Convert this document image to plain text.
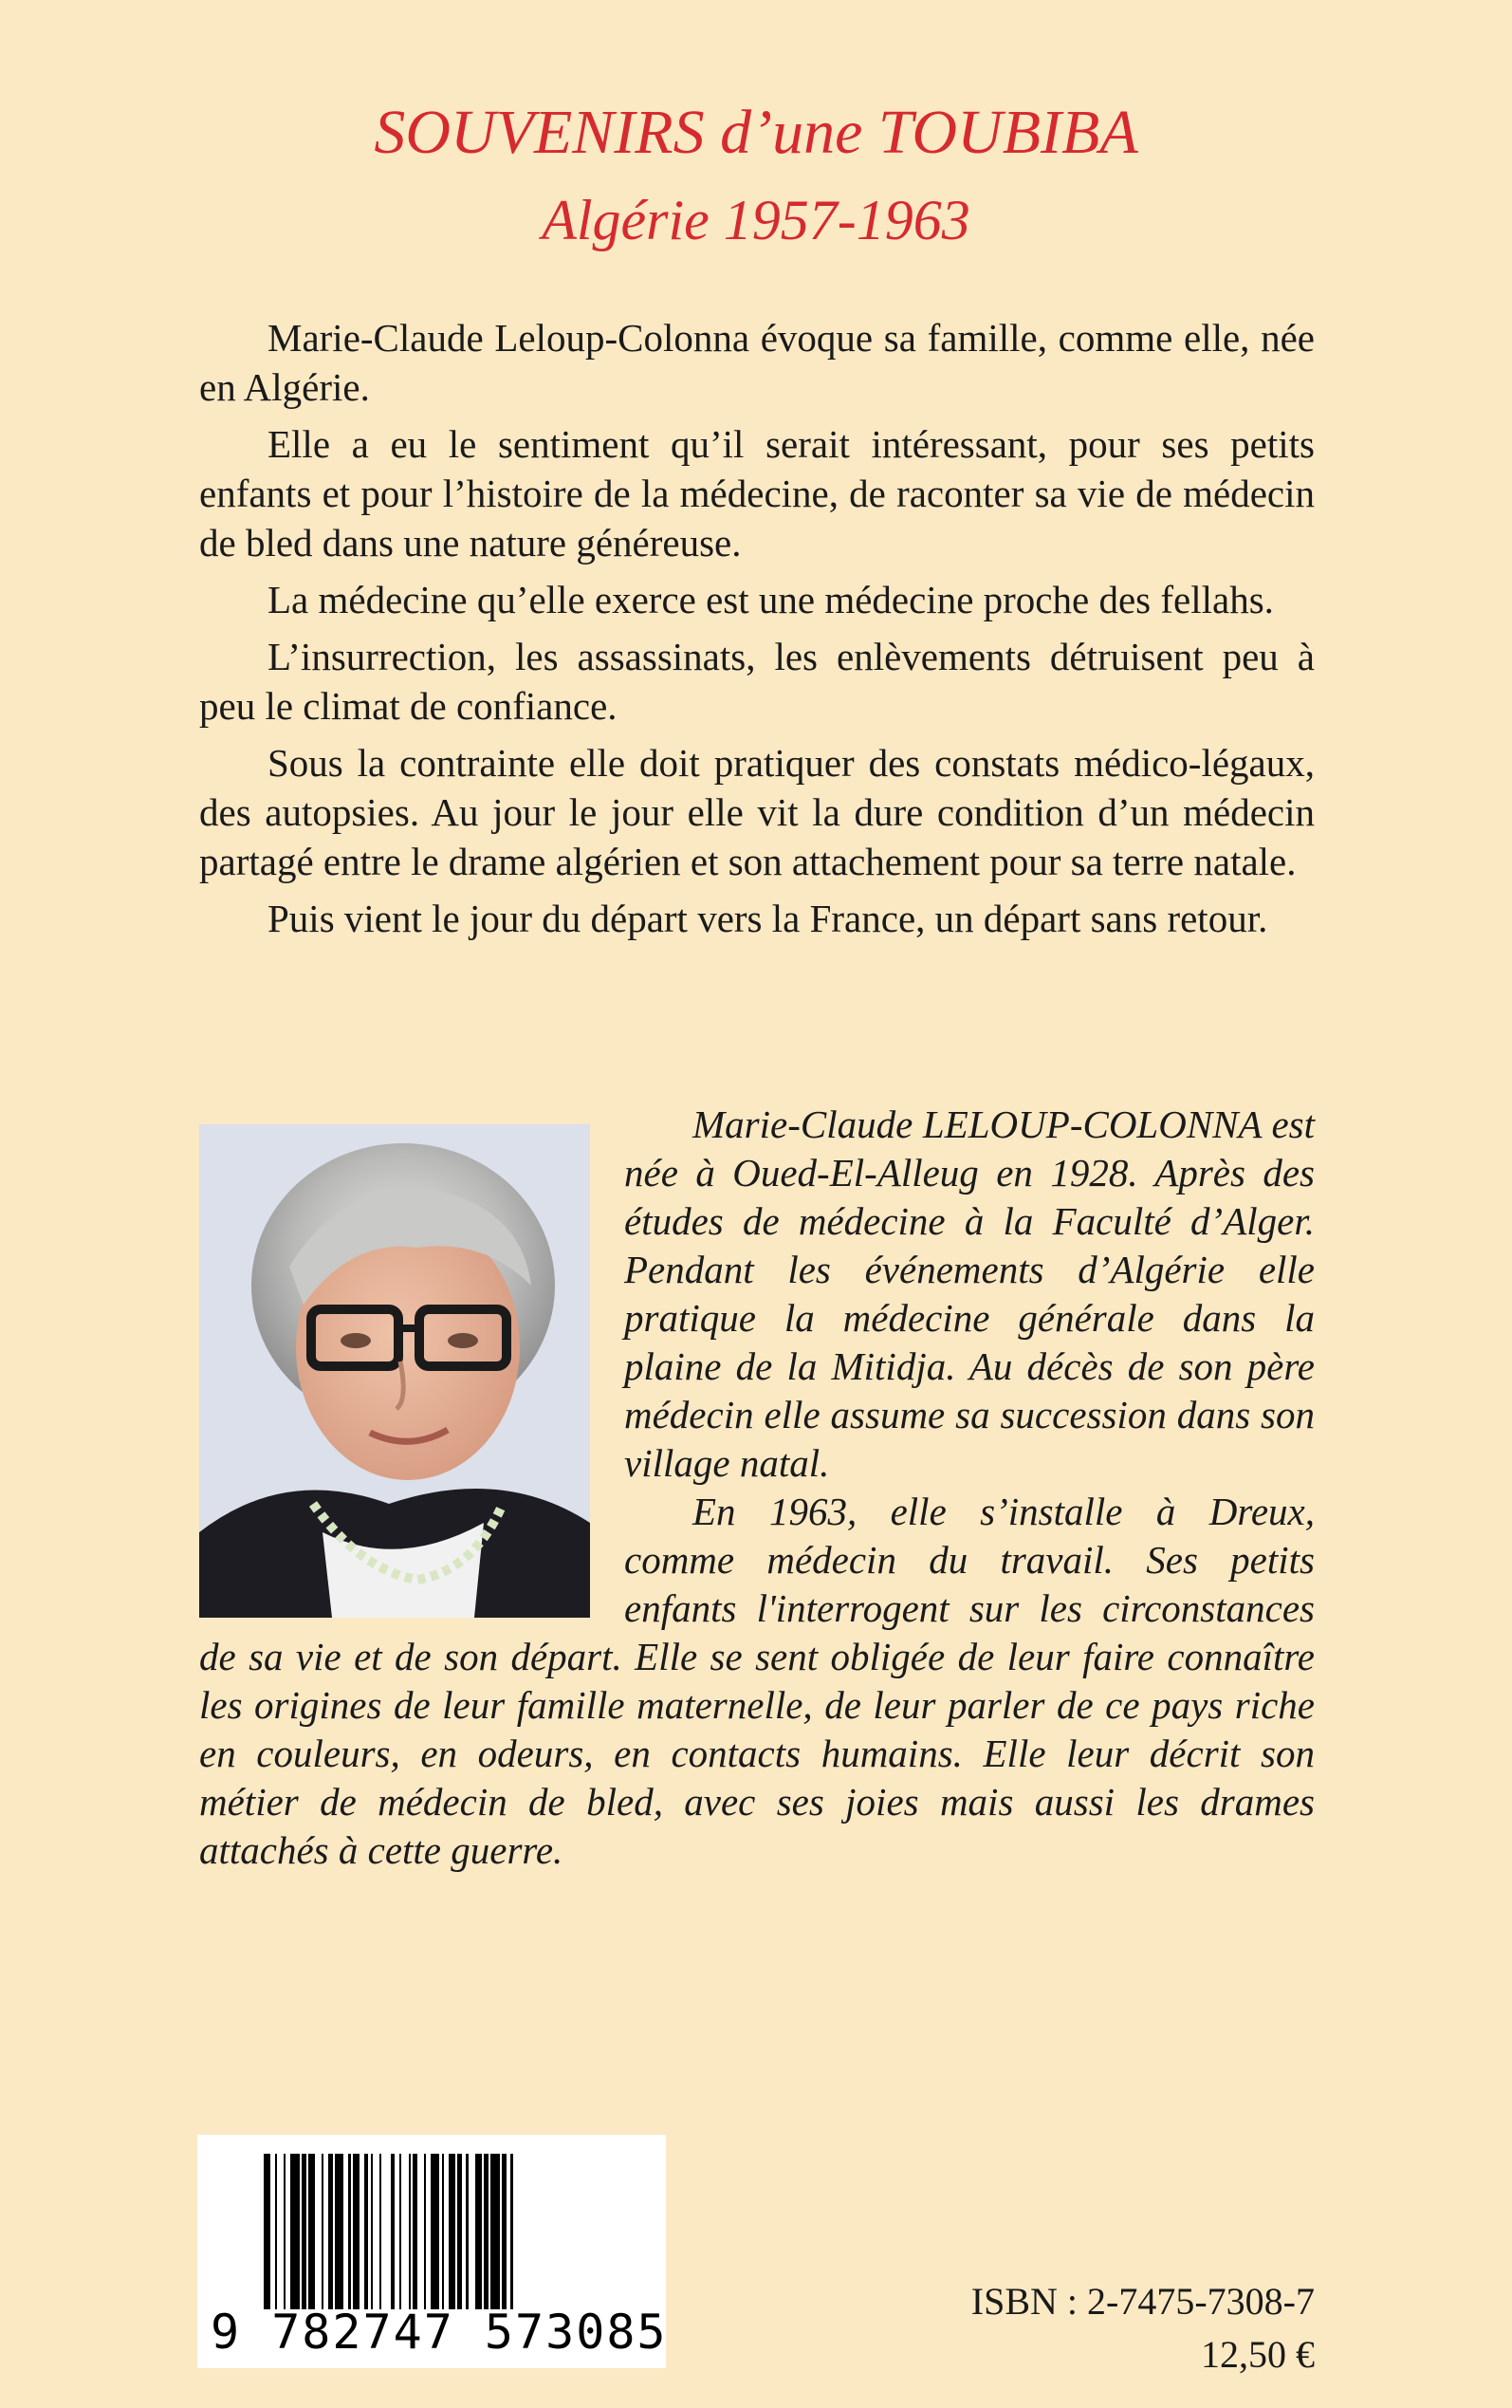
SOUVENIRS d’une TOUBIBA
Algérie 1957-1963

Marie-Claude Leloup-Colonna évoque sa famille, comme elle, née en Algérie.

Elle a eu le sentiment qu’il serait intéressant, pour ses petits enfants et pour l’histoire de la médecine, de raconter sa vie de médecin de bled dans une nature généreuse.

La médecine qu’elle exerce est une médecine proche des fellahs.

L’insurrection, les assassinats, les enlèvements détruisent peu à peu le climat de confiance.

Sous la contrainte elle doit pratiquer des constats médico-légaux, des autopsies. Au jour le jour elle vit la dure condition d’un médecin partagé entre le drame algérien et son attachement pour sa terre natale.

Puis vient le jour du départ vers la France, un départ sans retour.

Marie-Claude LELOUP-COLONNA est née à Oued-El-Alleug en 1928. Après des études de médecine à la Faculté d’Alger. Pendant les événements d’Algérie elle pratique la médecine générale dans la plaine de la Mitidja. Au décès de son père médecin elle assume sa succession dans son village natal.

En 1963, elle s’installe à Dreux, comme médecin du travail. Ses petits enfants l'interrogent sur les circonstances de sa vie et de son départ. Elle se sent obligée de leur faire connaître les origines de leur famille maternelle, de leur parler de ce pays riche en couleurs, en odeurs, en contacts humains. Elle leur décrit son métier de médecin de bled, avec ses joies mais aussi les drames attachés à cette guerre.

9 782747 573085
ISBN : 2-7475-7308-7
12,50 €
